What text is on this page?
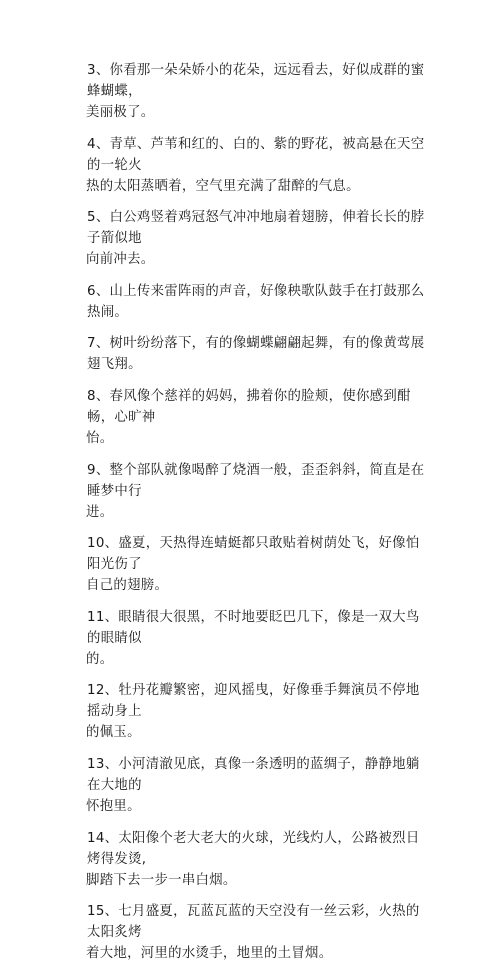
3、你看那一朵朵娇小的花朵，远远看去，好似成群的蜜蜂蝴蝶，
美丽极了。
4、青草、芦苇和红的、白的、紫的野花，被高悬在天空的一轮火
热的太阳蒸晒着，空气里充满了甜醉的气息。
5、白公鸡竖着鸡冠怒气冲冲地扇着翅膀，伸着长长的脖子箭似地
向前冲去。
6、山上传来雷阵雨的声音，好像秧歌队鼓手在打鼓那么热闹。
7、树叶纷纷落下，有的像蝴蝶翩翩起舞，有的像黄莺展翅飞翔。
8、春风像个慈祥的妈妈，拂着你的脸颊，使你感到酣畅，心旷神
怡。
9、整个部队就像喝醉了烧酒一般，歪歪斜斜，简直是在睡梦中行
进。
10、盛夏，天热得连蜻蜓都只敢贴着树荫处飞，好像怕阳光伤了
自己的翅膀。
11、眼睛很大很黑，不时地要眨巴几下，像是一双大鸟的眼睛似
的。
12、牡丹花瓣繁密，迎风摇曳，好像垂手舞演员不停地摇动身上
的佩玉。
13、小河清澈见底，真像一条透明的蓝绸子，静静地躺在大地的
怀抱里。
14、太阳像个老大老大的火球，光线灼人，公路被烈日烤得发烫,
脚踏下去一步一串白烟。
15、七月盛夏，瓦蓝瓦蓝的天空没有一丝云彩，火热的太阳炙烤
着大地，河里的水烫手，地里的土冒烟。
